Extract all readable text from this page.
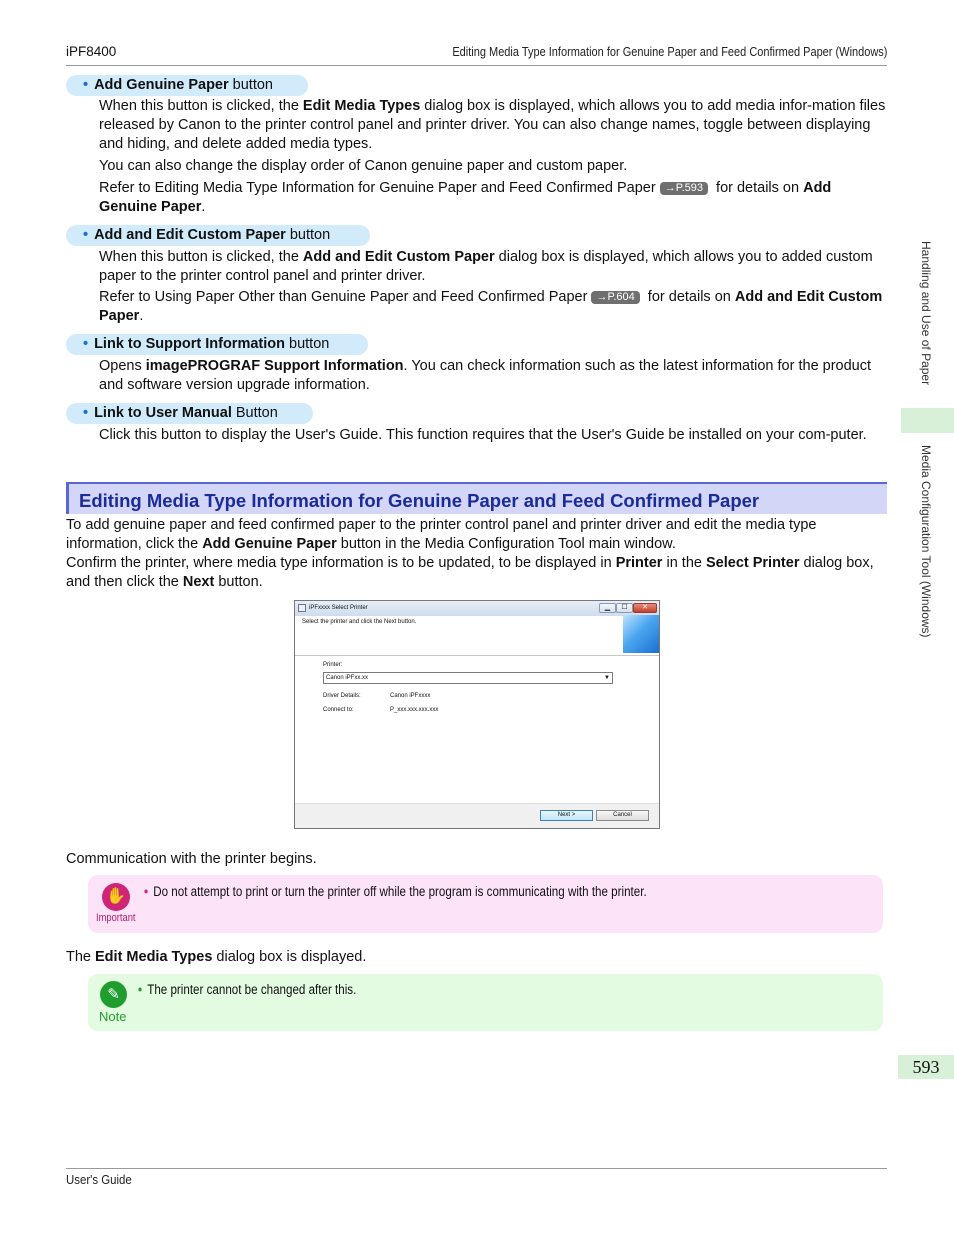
iPF8400	Editing Media Type Information for Genuine Paper and Feed Confirmed Paper (Windows)
Handling and Use of Paper
Media Configuration Tool (Windows)
593
• Add Genuine Paper button
When this button is clicked, the Edit Media Types dialog box is displayed, which allows you to add media infor-mation files released by Canon to the printer control panel and printer driver. You can also change names, toggle between displaying and hiding, and delete added media types.
You can also change the display order of Canon genuine paper and custom paper.
Refer to Editing Media Type Information for Genuine Paper and Feed Confirmed Paper →P.593 for details on Add Genuine Paper.
• Add and Edit Custom Paper button
When this button is clicked, the Add and Edit Custom Paper dialog box is displayed, which allows you to added custom paper to the printer control panel and printer driver.
Refer to Using Paper Other than Genuine Paper and Feed Confirmed Paper →P.604 for details on Add and Edit Custom Paper.
• Link to Support Information button
Opens imagePROGRAF Support Information. You can check information such as the latest information for the product and software version upgrade information.
• Link to User Manual Button
Click this button to display the User's Guide. This function requires that the User's Guide be installed on your com-puter.
Editing Media Type Information for Genuine Paper and Feed Confirmed Paper
To add genuine paper and feed confirmed paper to the printer control panel and printer driver and edit the media type information, click the Add Genuine Paper button in the Media Configuration Tool main window.
Confirm the printer, where media type information is to be updated, to be displayed in Printer in the Select Printer dialog box, and then click the Next button.
iPFxxxx Select Printer	▁	☐	✕
Select the printer and click the Next button.
Printer:
Canon iPFxx.xx	▼
Driver Details:	Canon iPFxxxx
Connect to:	P_xxx.xxx.xxx.xxx
Next >	Cancel
Communication with the printer begins.
✋
Important
• Do not attempt to print or turn the printer off while the program is communicating with the printer.
The Edit Media Types dialog box is displayed.
✎
Note
• The printer cannot be changed after this.
User's Guide
